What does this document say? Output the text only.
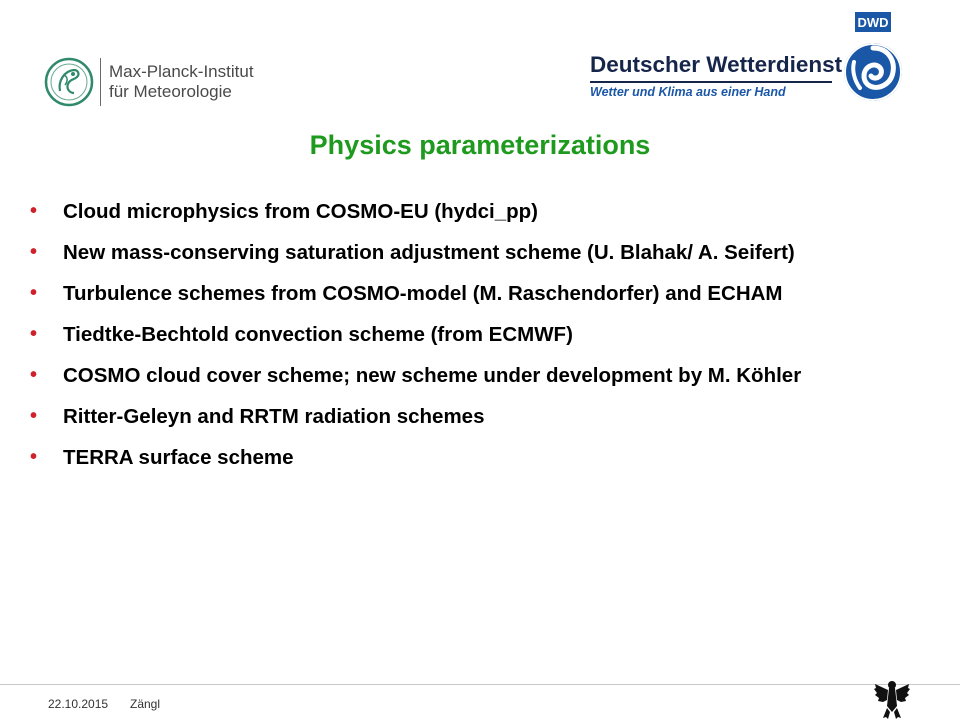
Max-Planck-Institut
für Meteorologie
Deutscher Wetterdienst
Wetter und Klima aus einer Hand
DWD
Physics parameterizations
•	Cloud microphysics from COSMO-EU (hydci_pp)
•	New mass-conserving saturation adjustment scheme (U. Blahak/ A. Seifert)
•	Turbulence schemes from COSMO-model (M. Raschendorfer) and ECHAM
•	Tiedtke-Bechtold convection scheme (from ECMWF)
•	COSMO cloud cover scheme; new scheme under development by M. Köhler
•	Ritter-Geleyn and RRTM radiation schemes
•	TERRA surface scheme
22.10.2015 Zängl
